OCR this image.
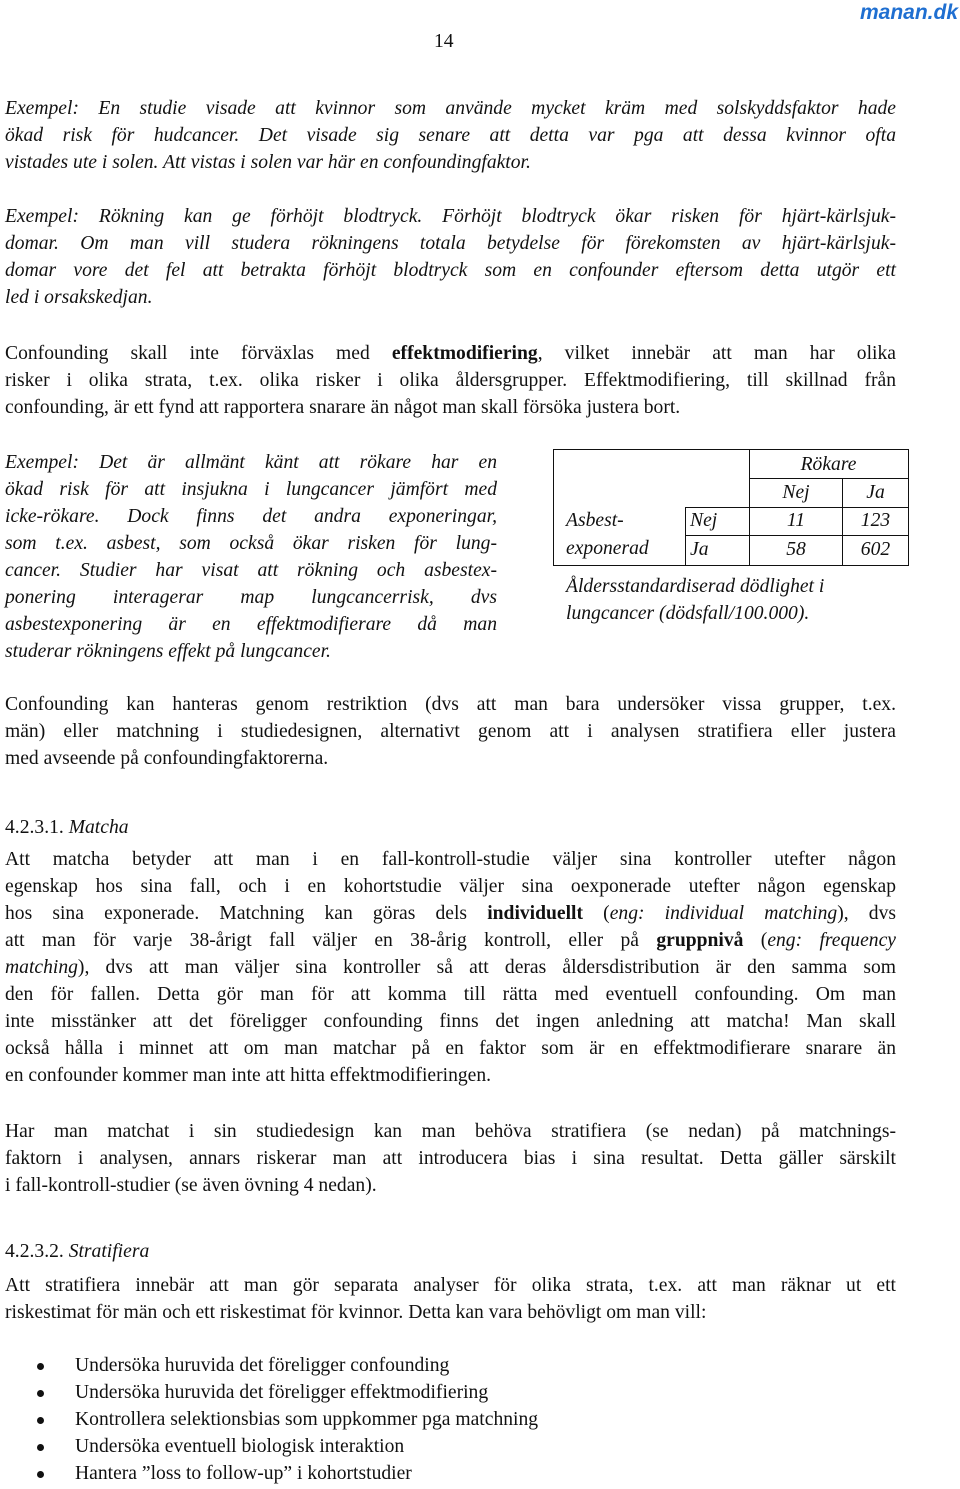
manan.dk
14
Exempel: En studie visade att kvinnor som använde mycket kräm med solskyddsfaktor hade
ökad risk för hudcancer. Det visade sig senare att detta var pga att dessa kvinnor ofta
vistades ute i solen. Att vistas i solen var här en confoundingfaktor.
Exempel: Rökning kan ge förhöjt blodtryck. Förhöjt blodtryck ökar risken för hjärt-kärlsjuk-
domar. Om man vill studera rökningens totala betydelse för förekomsten av hjärt-kärlsjuk-
domar vore det fel att betrakta förhöjt blodtryck som en confounder eftersom detta utgör ett
led i orsakskedjan.
Confounding skall inte förväxlas med effektmodifiering, vilket innebär att man har olika
risker i olika strata, t.ex. olika risker i olika åldersgrupper. Effektmodifiering, till skillnad från
confounding, är ett fynd att rapportera snarare än något man skall försöka justera bort.
Exempel: Det är allmänt känt att rökare har en
ökad risk för att insjukna i lungcancer jämfört med
icke-rökare. Dock finns det andra exponeringar,
som t.ex. asbest, som också ökar risken för lung-
cancer. Studier har visat att rökning och asbestex-
ponering interagerar map lungcancerrisk, dvs
asbestexponering är en effektmodifierare då man
studerar rökningens effekt på lungcancer.
Rökare
Nej	Ja
Asbest-
exponerad
Nej	11	123
Ja	58	602
Åldersstandardiserad dödlighet i
lungcancer (dödsfall/100.000).
Confounding kan hanteras genom restriktion (dvs att man bara undersöker vissa grupper, t.ex.
män) eller matchning i studiedesignen, alternativt genom att i analysen stratifiera eller justera
med avseende på confoundingfaktorerna.
4.2.3.1. Matcha
Att matcha betyder att man i en fall-kontroll-studie väljer sina kontroller utefter någon
egenskap hos sina fall, och i en kohortstudie väljer sina oexponerade utefter någon egenskap
hos sina exponerade. Matchning kan göras dels individuellt (eng: individual matching), dvs
att man för varje 38-årigt fall väljer en 38-årig kontroll, eller på gruppnivå (eng: frequency
matching), dvs att man väljer sina kontroller så att deras åldersdistribution är den samma som
den för fallen. Detta gör man för att komma till rätta med eventuell confounding. Om man
inte misstänker att det föreligger confounding finns det ingen anledning att matcha! Man skall
också hålla i minnet att om man matchar på en faktor som är en effektmodifierare snarare än
en confounder kommer man inte att hitta effektmodifieringen.
Har man matchat i sin studiedesign kan man behöva stratifiera (se nedan) på matchnings-
faktorn i analysen, annars riskerar man att introducera bias i sina resultat. Detta gäller särskilt
i fall-kontroll-studier (se även övning 4 nedan).
4.2.3.2. Stratifiera
Att stratifiera innebär att man gör separata analyser för olika strata, t.ex. att man räknar ut ett
riskestimat för män och ett riskestimat för kvinnor. Detta kan vara behövligt om man vill:
Undersöka huruvida det föreligger confounding
Undersöka huruvida det föreligger effektmodifiering
Kontrollera selektionsbias som uppkommer pga matchning
Undersöka eventuell biologisk interaktion
Hantera ”loss to follow-up” i kohortstudier
